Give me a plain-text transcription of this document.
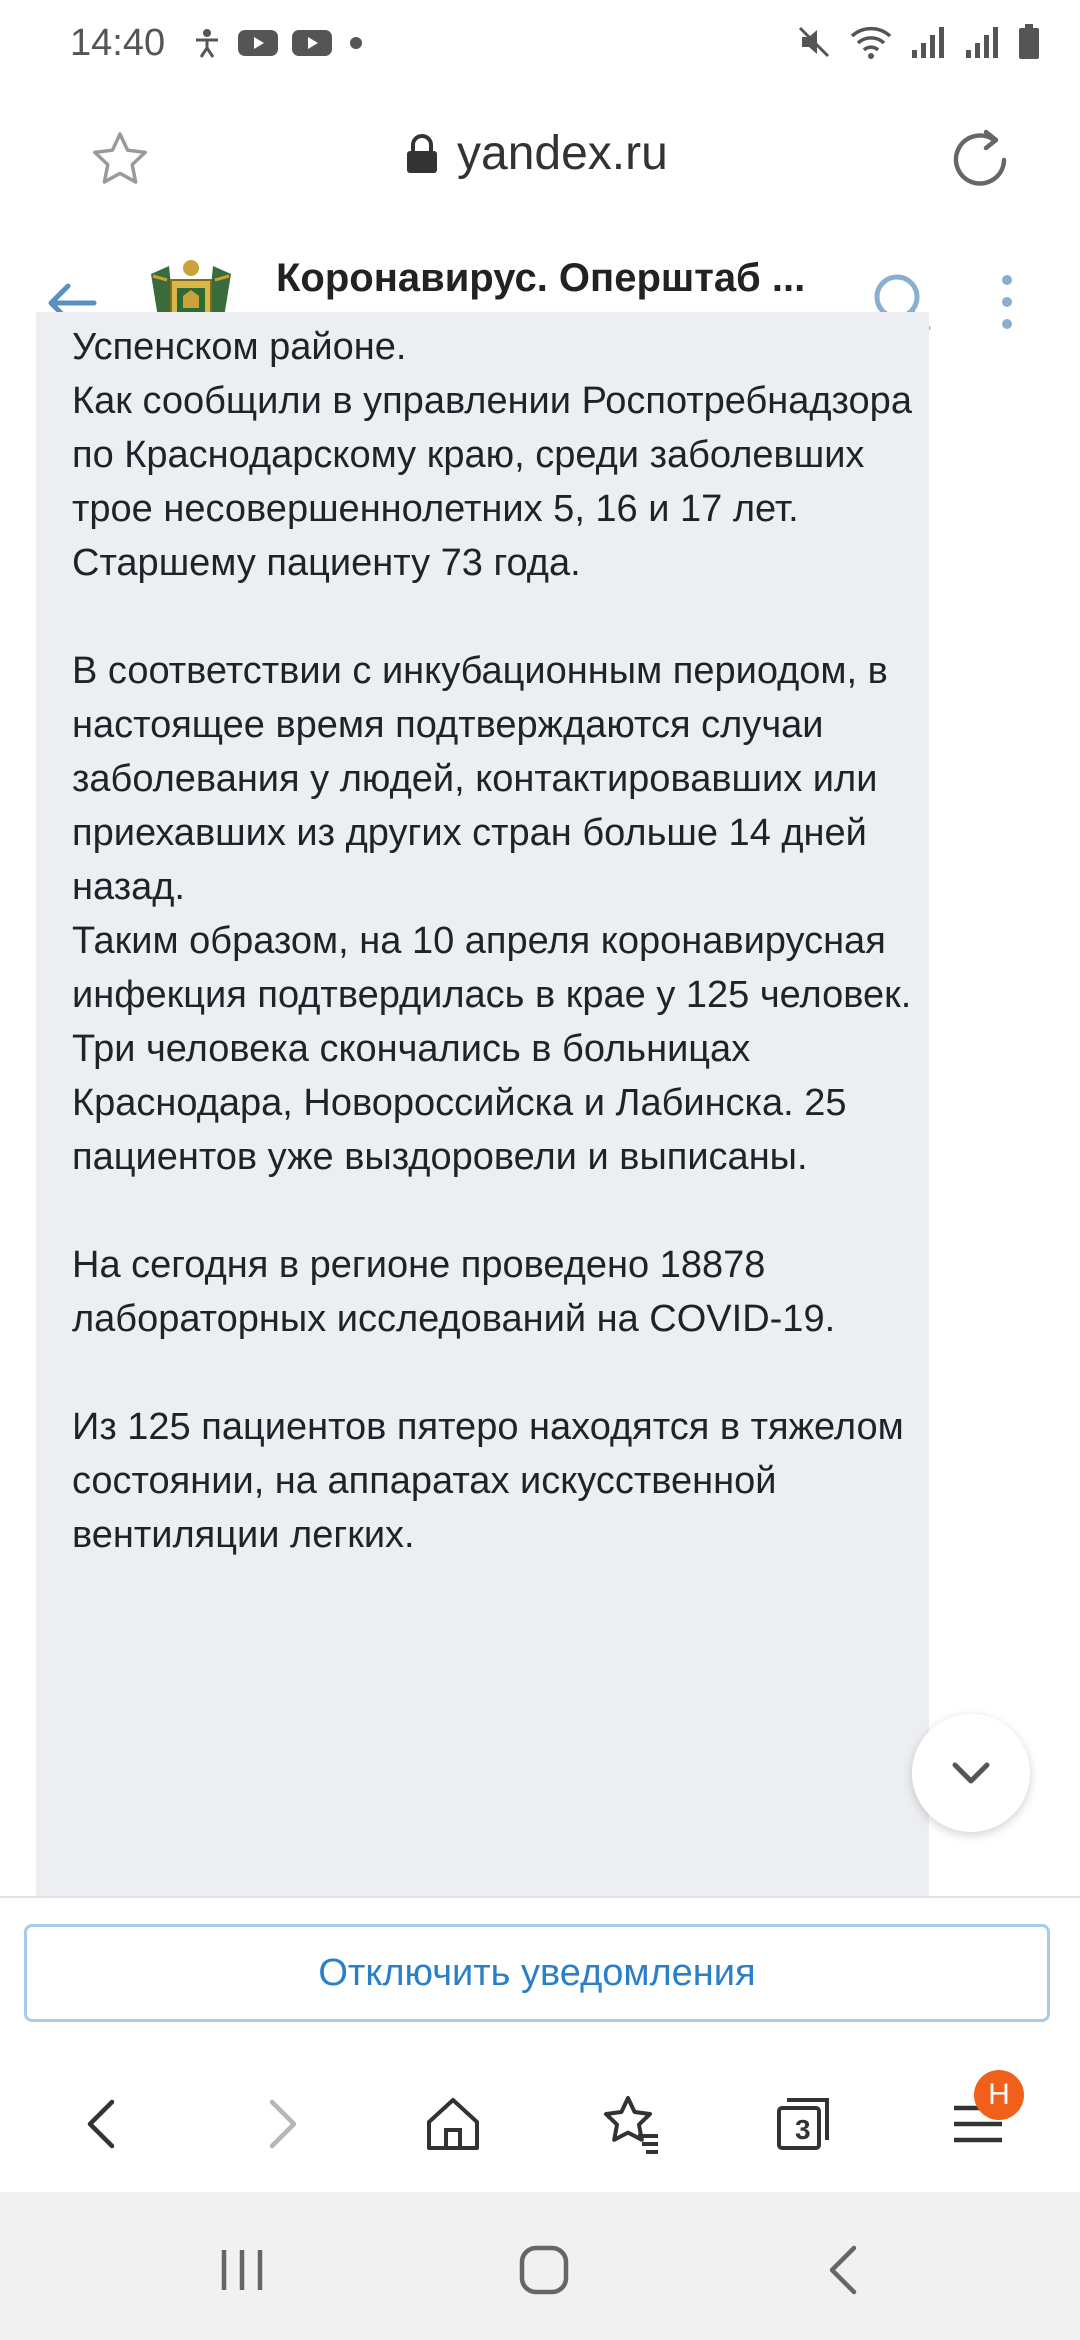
14:40
yandex.ru
Коронавирус. Оперштаб ...
Успенском районе.
Как сообщили в управлении Роспотребнадзора по Краснодарскому краю, среди заболевших трое несовершеннолетних 5, 16 и 17 лет. Старшему пациенту 73 года.

В соответствии с инкубационным периодом, в настоящее время подтверждаются случаи заболевания у людей, контактировавших или приехавших из других стран больше 14 дней назад.
Таким образом, на 10 апреля коронавирусная инфекция подтвердилась в крае у 125 человек. Три человека скончались в больницах Краснодара, Новороссийска и Лабинска. 25 пациентов уже выздоровели и выписаны.

На сегодня в регионе проведено 18878 лабораторных исследований на COVID-19.

Из 125 пациентов пятеро находятся в тяжелом состоянии, на аппаратах искусственной вентиляции легких.
Отключить уведомления
3
Н
